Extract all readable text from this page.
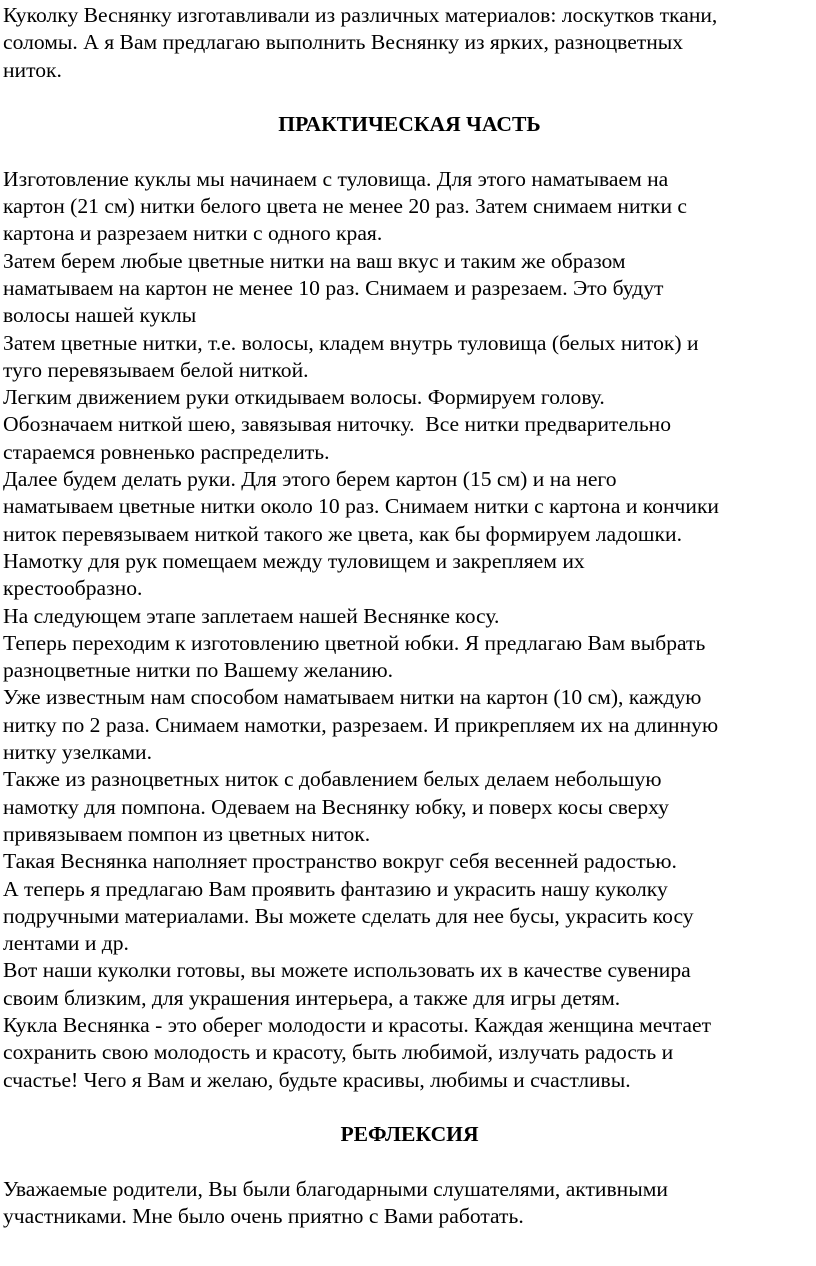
Куколку Веснянку изготавливали из различных материалов: лоскутков ткани,

соломы. А я Вам предлагаю выполнить Веснянку из ярких, разноцветных

ниток.

ПРАКТИЧЕСКАЯ ЧАСТЬ

Изготовление куклы мы начинаем с туловища. Для этого наматываем на

картон (21 см) нитки белого цвета не менее 20 раз. Затем снимаем нитки с

картона и разрезаем нитки с одного края.

Затем берем любые цветные нитки на ваш вкус и таким же образом

наматываем на картон не менее 10 раз. Снимаем и разрезаем. Это будут

волосы нашей куклы

Затем цветные нитки, т.е. волосы, кладем внутрь туловища (белых ниток) и

туго перевязываем белой ниткой.

Легким движением руки откидываем волосы. Формируем голову.

Обозначаем ниткой шею, завязывая ниточку.  Все нитки предварительно

стараемся ровненько распределить.

Далее будем делать руки. Для этого берем картон (15 см) и на него

наматываем цветные нитки около 10 раз. Снимаем нитки с картона и кончики

ниток перевязываем ниткой такого же цвета, как бы формируем ладошки.

Намотку для рук помещаем между туловищем и закрепляем их

крестообразно.

На следующем этапе заплетаем нашей Веснянке косу.

Теперь переходим к изготовлению цветной юбки. Я предлагаю Вам выбрать

разноцветные нитки по Вашему желанию.

Уже известным нам способом наматываем нитки на картон (10 см), каждую

нитку по 2 раза. Снимаем намотки, разрезаем. И прикрепляем их на длинную

нитку узелками.

Также из разноцветных ниток с добавлением белых делаем небольшую

намотку для помпона. Одеваем на Веснянку юбку, и поверх косы сверху

привязываем помпон из цветных ниток.

Такая Веснянка наполняет пространство вокруг себя весенней радостью.

А теперь я предлагаю Вам проявить фантазию и украсить нашу куколку

подручными материалами. Вы можете сделать для нее бусы, украсить косу

лентами и др.

Вот наши куколки готовы, вы можете использовать их в качестве сувенира

своим близким, для украшения интерьера, а также для игры детям.

Кукла Веснянка - это оберег молодости и красоты. Каждая женщина мечтает

сохранить свою молодость и красоту, быть любимой, излучать радость и

счастье! Чего я Вам и желаю, будьте красивы, любимы и счастливы.

РЕФЛЕКСИЯ

Уважаемые родители, Вы были благодарными слушателями, активными

участниками. Мне было очень приятно с Вами работать.
